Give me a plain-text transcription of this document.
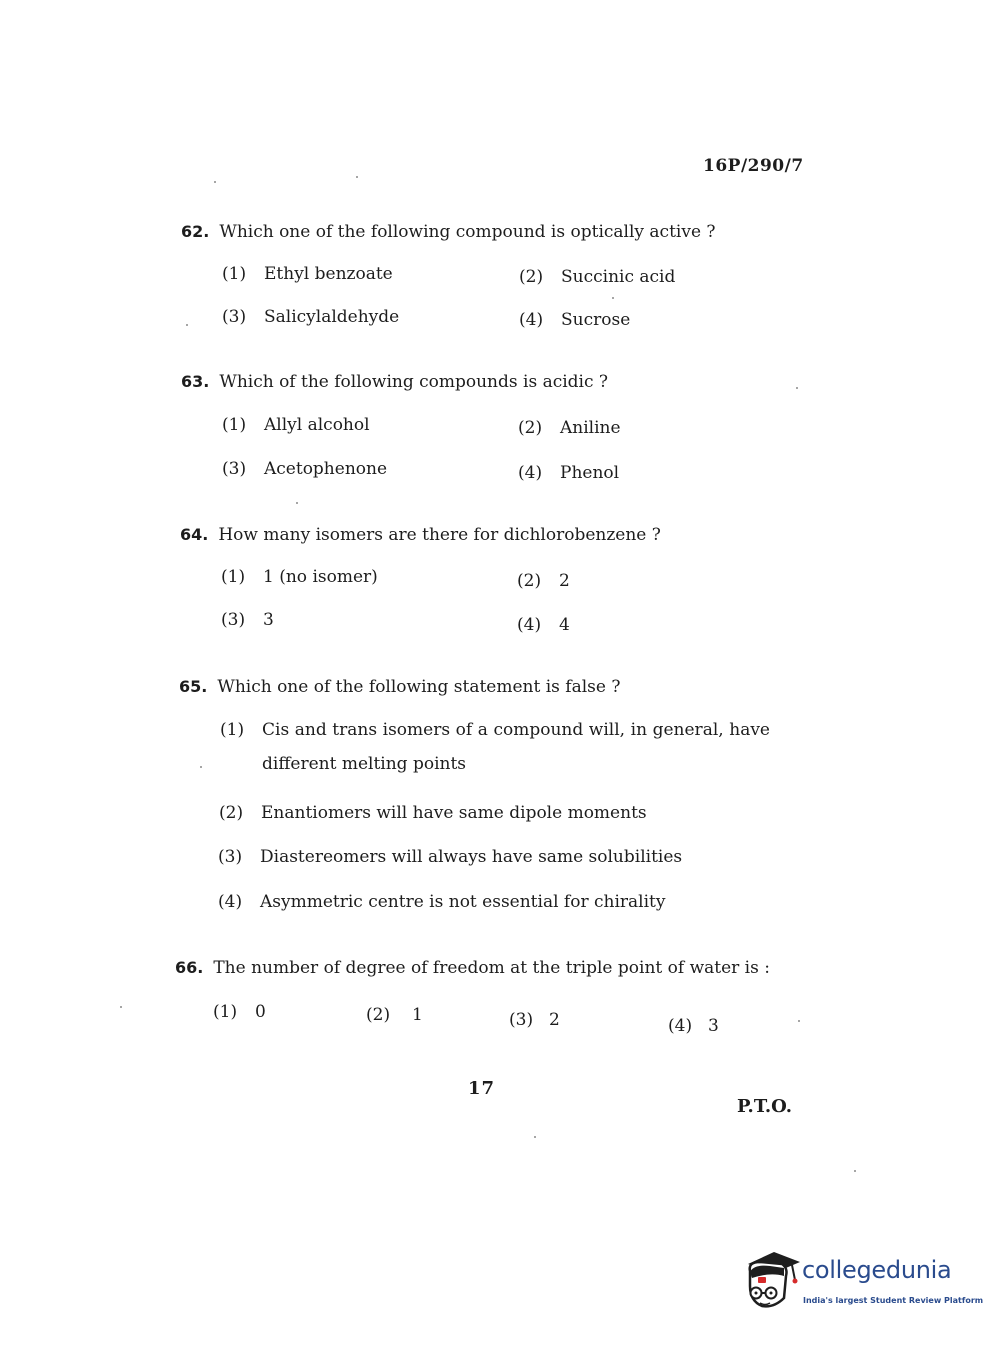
16P/290/7
62. Which one of the following compound is optically active ?
(1) Ethyl benzoate	(2) Succinic acid
(3) Salicylaldehyde	(4) Sucrose
63. Which of the following compounds is acidic ?
(1) Allyl alcohol	(2) Aniline
(3) Acetophenone	(4) Phenol
64. How many isomers are there for dichlorobenzene ?
(1) 1 (no isomer)	(2) 2
(3) 3	(4) 4
65. Which one of the following statement is false ?
(1)	Cis and trans isomers of a compound will, in general, have different melting points
(2) Enantiomers will have same dipole moments
(3) Diastereomers will always have same solubilities
(4) Asymmetric centre is not essential for chirality
66. The number of degree of freedom at the triple point of water is :
(1) 0	(2) 1	(3) 2	(4) 3
17
P.T.O.
collegedunia
India's largest Student Review Platform
